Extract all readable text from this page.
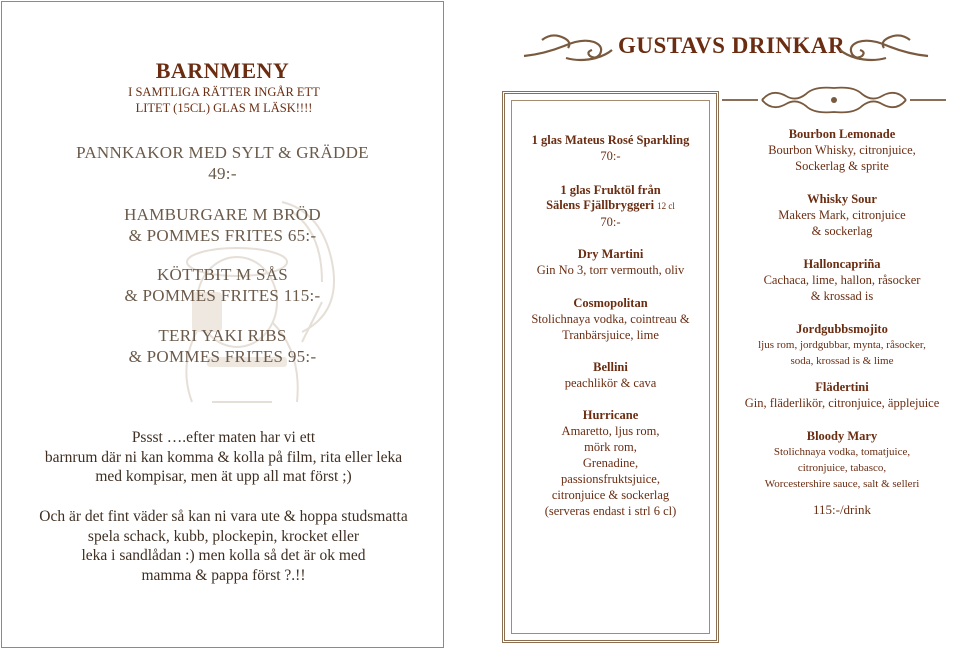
BARNMENY
I SAMTLIGA RÄTTER INGÅR ETT
LITET (15CL) GLAS M LÄSK!!!!
PANNKAKOR MED SYLT & GRÄDDE
49:-
HAMBURGARE M BRÖD
& POMMES FRITES 65:-
KÖTTBIT M SÅS
& POMMES FRITES 115:-
TERI YAKI RIBS
& POMMES FRITES 95:-
Pssst ….efter maten har vi ett
barnrum där ni kan komma & kolla på film, rita eller leka
med kompisar, men ät upp all mat först ;)
Och är det fint väder så kan ni vara ute & hoppa studsmatta
spela schack, kubb, plockepin, krocket eller
leka i sandlådan :) men kolla så det är ok med
mamma & pappa först ?.!!
GUSTAVS DRINKAR
1 glas Mateus Rosé Sparkling
70:-
1 glas Fruktöl från
Sälens Fjällbryggeri 12 cl
70:-
Dry Martini
Gin No 3, torr vermouth, oliv
Cosmopolitan
Stolichnaya vodka, cointreau &
Tranbärsjuice, lime
Bellini
peachlikör & cava
Hurricane
Amaretto, ljus rom,
mörk rom,
Grenadine,
passionsfruktsjuice,
citronjuice & sockerlag
(serveras endast i strl 6 cl)
Bourbon Lemonade
Bourbon Whisky, citronjuice,
Sockerlag & sprite
Whisky Sour
Makers Mark, citronjuice
& sockerlag
Halloncapriña
Cachaca, lime, hallon, råsocker
& krossad is
Jordgubbsmojito
ljus rom, jordgubbar, mynta, råsocker,
soda, krossad is & lime
Flädertini
Gin, fläderlikör, citronjuice, äpplejuice
Bloody Mary
Stolichnaya vodka, tomatjuice,
citronjuice, tabasco,
Worcestershire sauce, salt & selleri
115:-/drink
